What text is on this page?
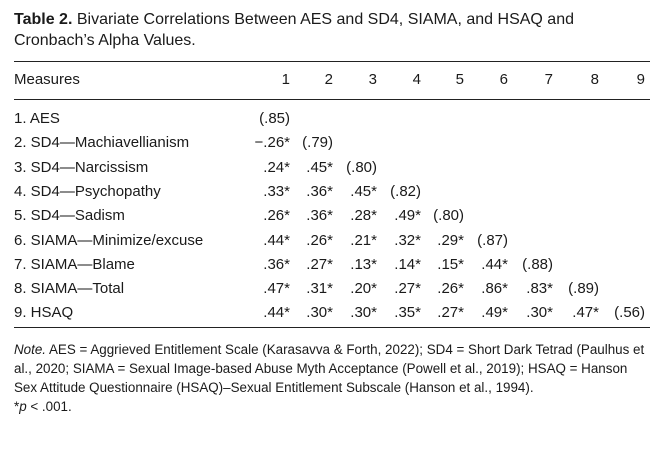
Table 2. Bivariate Correlations Between AES and SD4, SIAMA, and HSAQ and Cronbach’s Alpha Values.
Measures	1	2	3	4	5	6	7	8	9
1. AES	(.85)
2. SD4—Machiavellianism	−.26* (.79)
3. SD4—Narcissism	.24*	.45* (.80)
4. SD4—Psychopathy	.33*	.36*	.45* (.82)
5. SD4—Sadism	.26*	.36*	.28*	.49* (.80)
6. SIAMA—Minimize/excuse	.44*	.26*	.21*	.32*	.29* (.87)
7. SIAMA—Blame	.36*	.27*	.13*	.14*	.15*	.44* (.88)
8. SIAMA—Total	.47*	.31*	.20*	.27*	.26*	.86*	.83*	(.89)
9. HSAQ	.44*	.30*	.30*	.35*	.27*	.49*	.30*	.47*	(.56)
Note. AES = Aggrieved Entitlement Scale (Karasavva & Forth, 2022); SD4 = Short Dark Tetrad (Paulhus et al., 2020; SIAMA = Sexual Image-based Abuse Myth Acceptance (Powell et al., 2019); HSAQ = Hanson Sex Attitude Questionnaire (HSAQ)–Sexual Entitlement Subscale (Hanson et al., 1994).
*p < .001.
